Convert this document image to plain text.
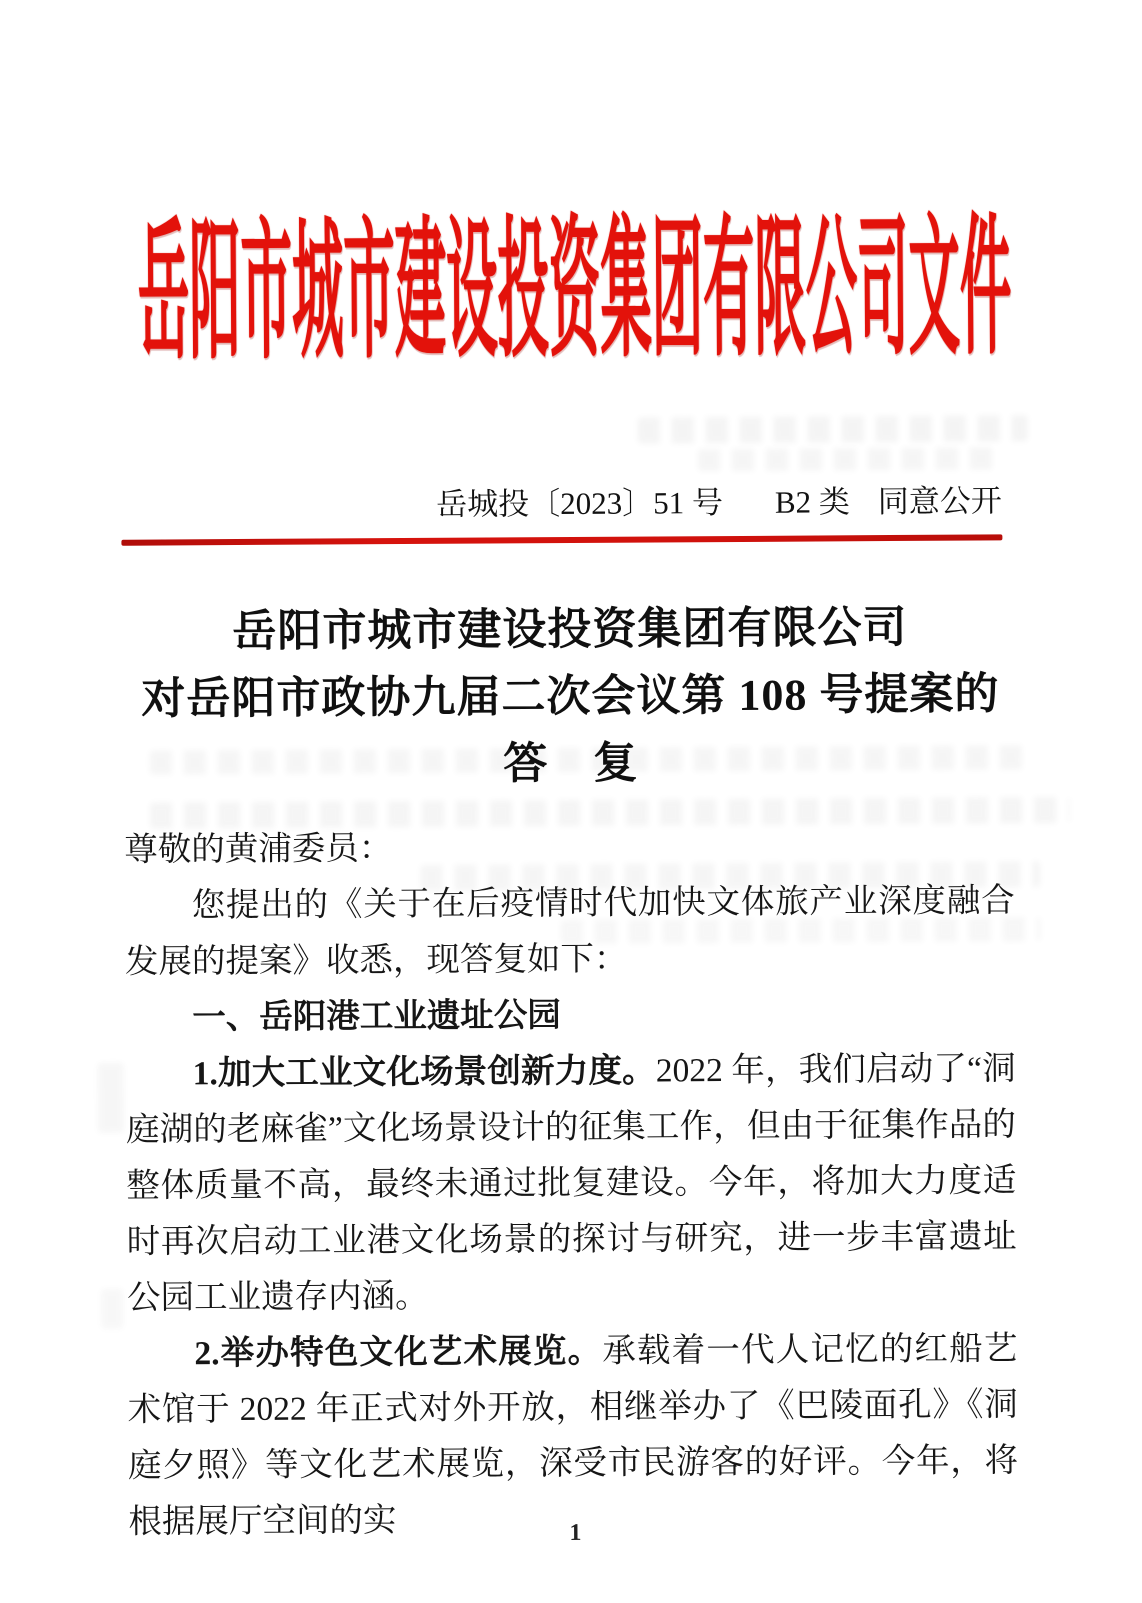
岳阳市城市建设投资集团有限公司文件
岳城投〔2023〕51 号 B2 类 同意公开
岳阳市城市建设投资集团有限公司
对岳阳市政协九届二次会议第 108 号提案的
答　复

尊敬的黄浦委员：

您提出的《关于在后疫情时代加快文体旅产业深度融合发展的提案》收悉，现答复如下：

一、岳阳港工业遗址公园

1.加大工业文化场景创新力度。2022 年，我们启动了“洞庭湖的老麻雀”文化场景设计的征集工作，但由于征集作品的整体质量不高，最终未通过批复建设。今年，将加大力度适时再次启动工业港文化场景的探讨与研究，进一步丰富遗址公园工业遗存内涵。

2.举办特色文化艺术展览。承载着一代人记忆的红船艺术馆于 2022 年正式对外开放，相继举办了《巴陵面孔》《洞庭夕照》等文化艺术展览，深受市民游客的好评。今年，将根据展厅空间的实	1
